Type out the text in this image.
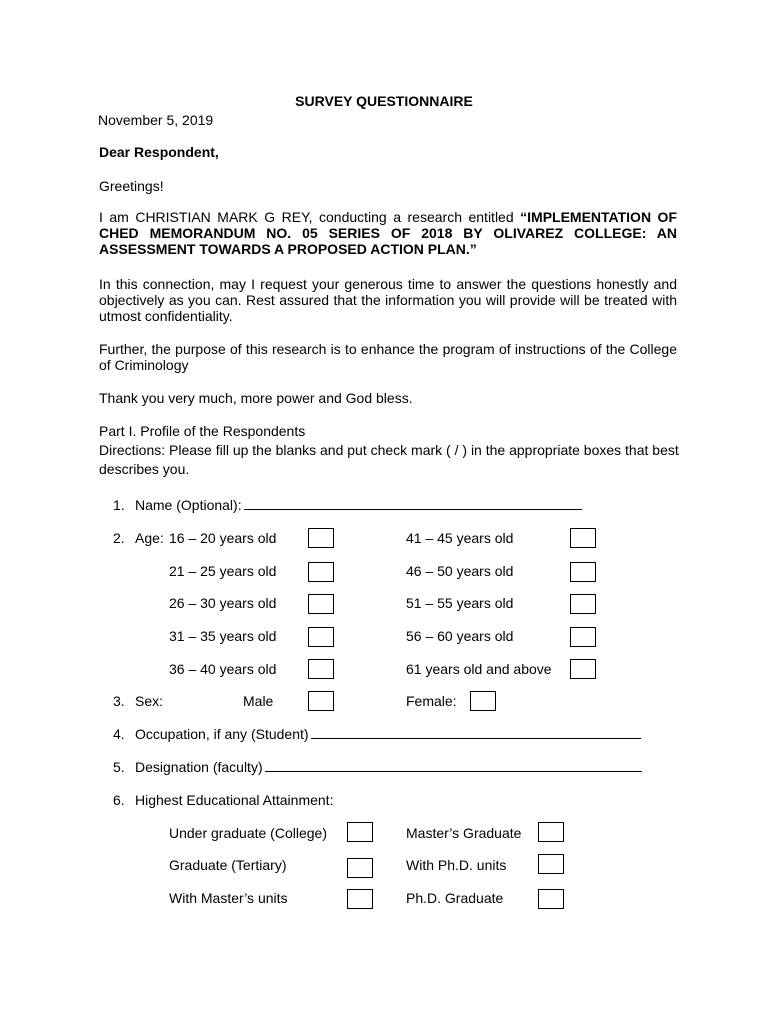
SURVEY QUESTIONNAIRE
November 5, 2019
Dear Respondent,
Greetings!
I am CHRISTIAN MARK G REY, conducting a research entitled “IMPLEMENTATION OF CHED MEMORANDUM NO. 05 SERIES OF 2018 BY OLIVAREZ COLLEGE: AN ASSESSMENT TOWARDS A PROPOSED ACTION PLAN.”
In this connection, may I request your generous time to answer the questions honestly and objectively as you can. Rest assured that the information you will provide will be treated with utmost confidentiality.
Further, the purpose of this research is to enhance the program of instructions of the College of Criminology
Thank you very much, more power and God bless.
Part I. Profile of the Respondents
Directions: Please fill up the blanks and put check mark ( / ) in the appropriate boxes that best describes you.
1. Name (Optional):
2. Age: 16 – 20 years old
21 – 25 years old
26 – 30 years old
31 – 35 years old
36 – 40 years old
41 – 45 years old
46 – 50 years old
51 – 55 years old
56 – 60 years old
61 years old and above
3. Sex:	Male	Female:
4. Occupation, if any (Student)
5. Designation (faculty)
6. Highest Educational Attainment:
Under graduate (College)
Graduate (Tertiary)
With Master’s units
Master’s Graduate
With Ph.D. units
Ph.D. Graduate
